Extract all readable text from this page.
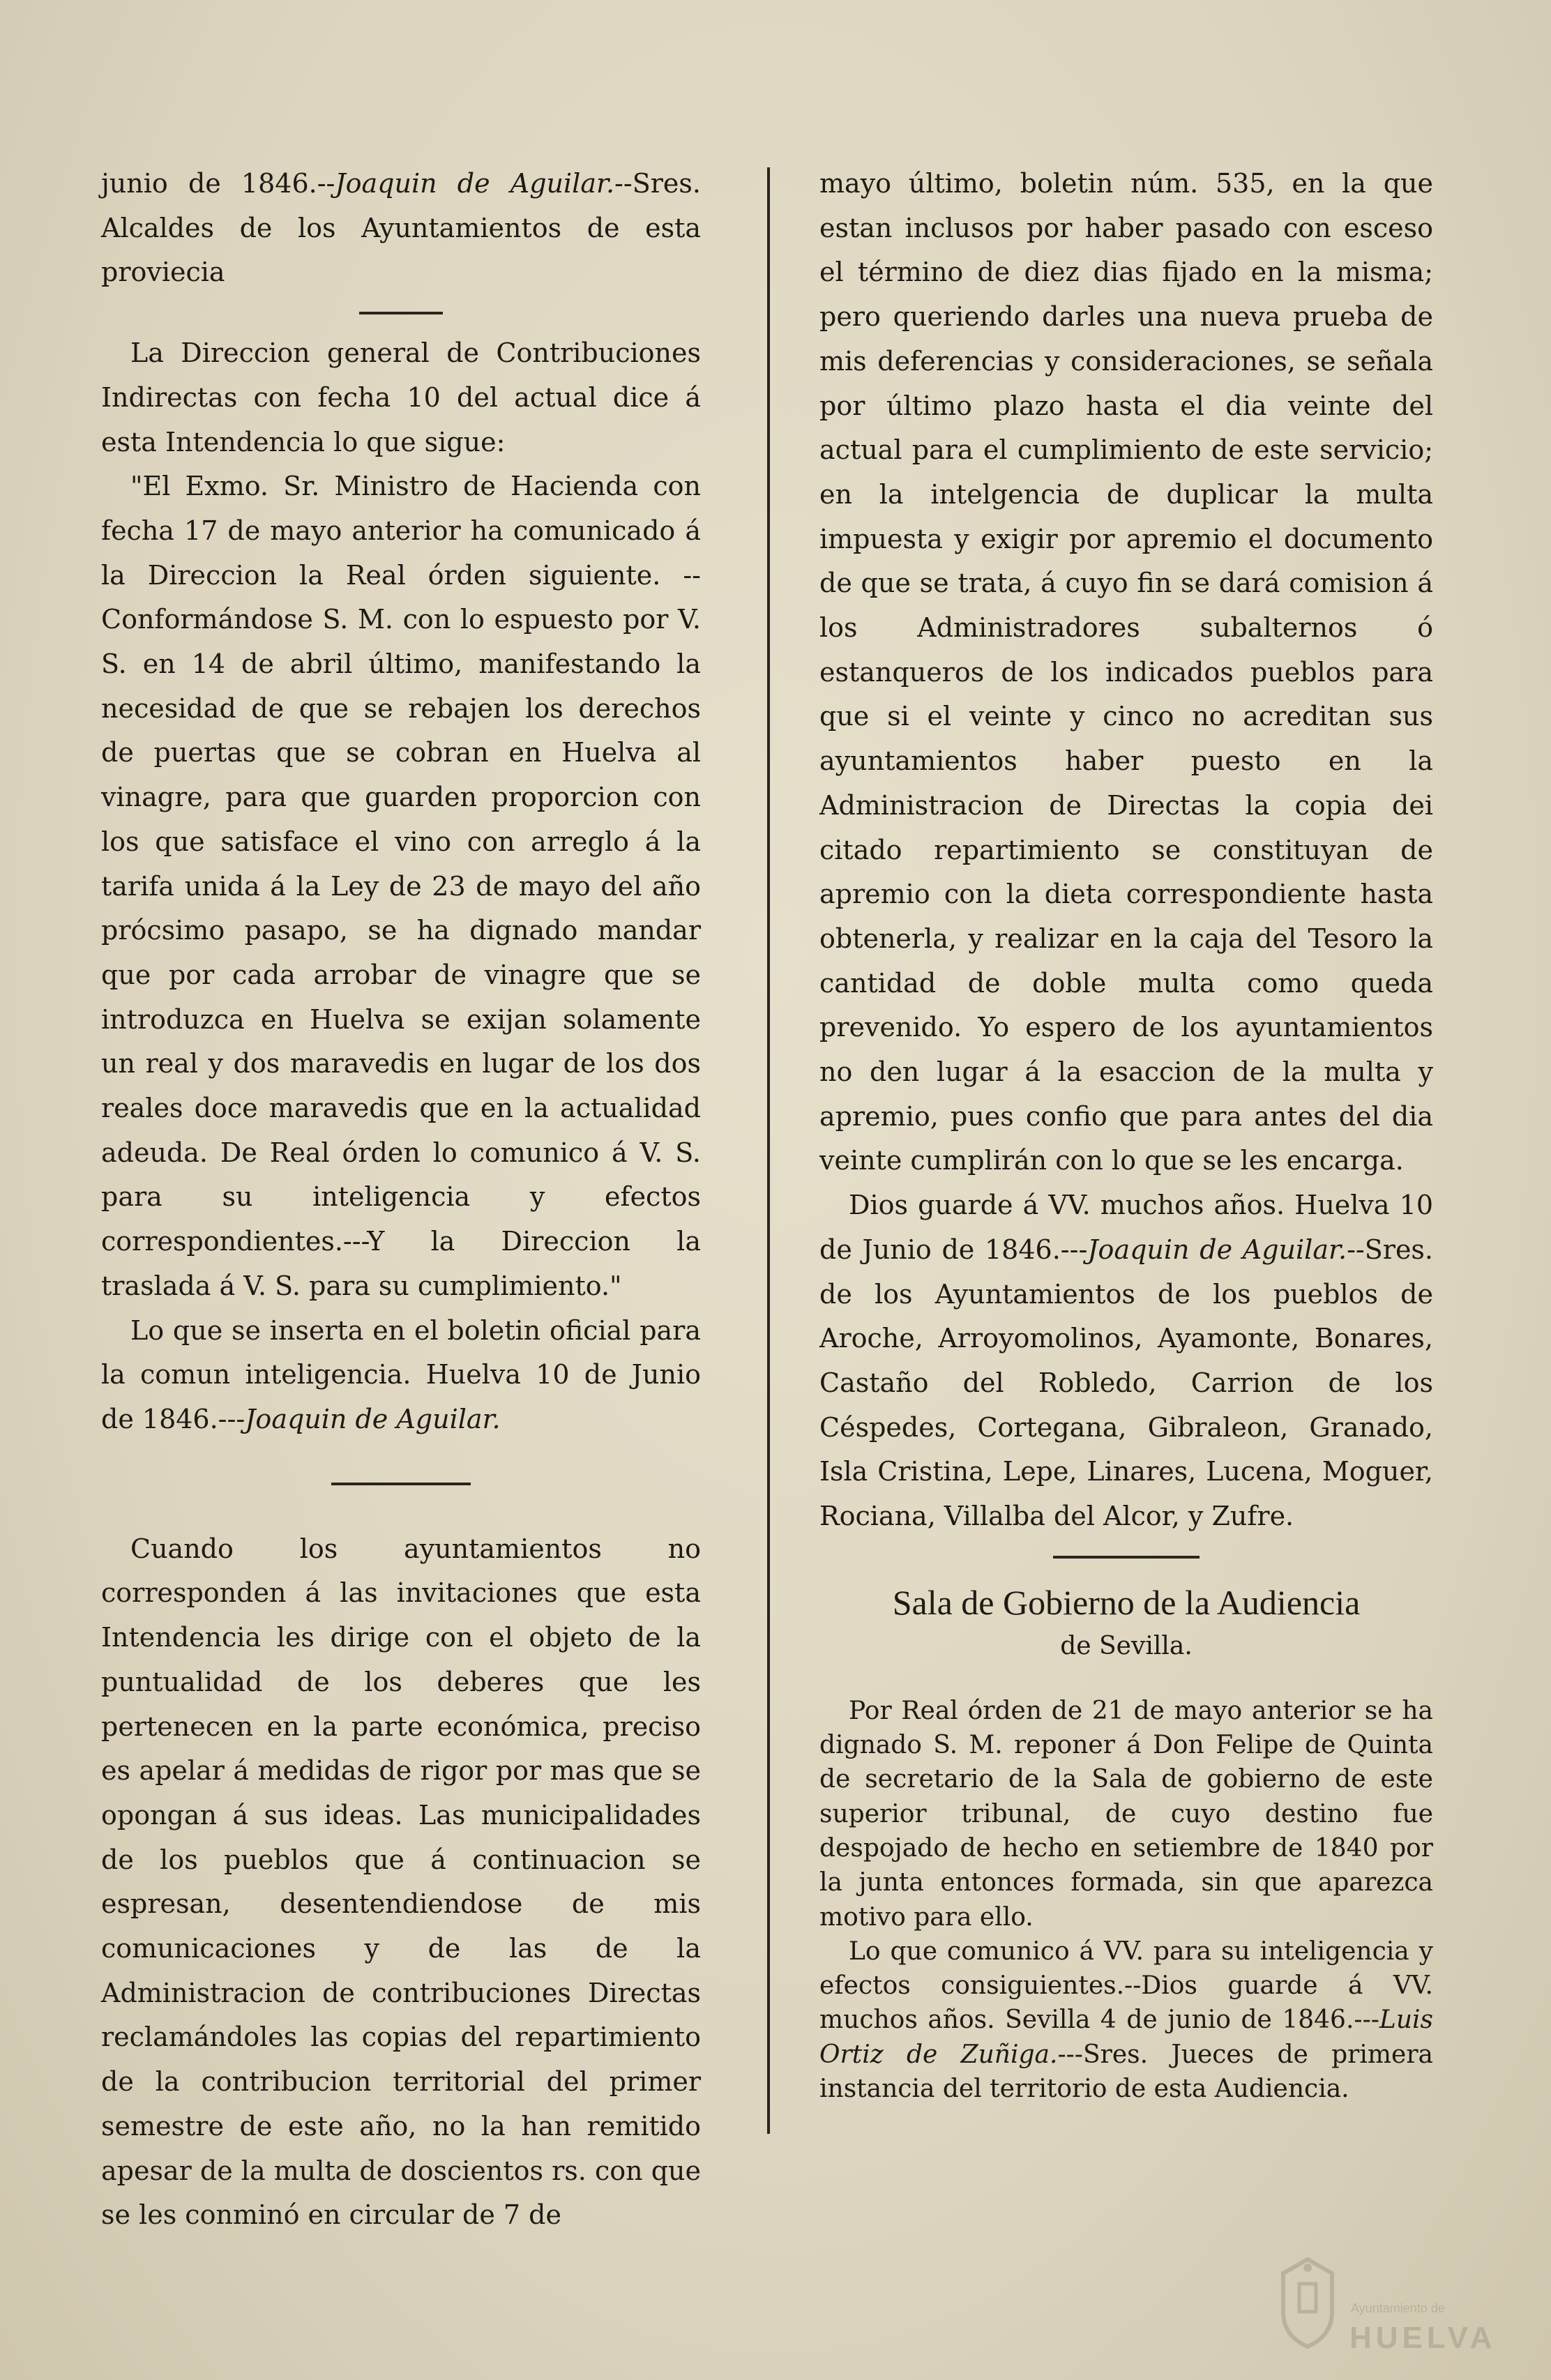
junio de 1846.--Joaquin de Aguilar.--Sres. Alcaldes de los Ayuntamientos de esta proviecia

La Direccion general de Contribuciones Indirectas con fecha 10 del actual dice á esta Intendencia lo que sigue:

"El Exmo. Sr. Ministro de Hacienda con fecha 17 de mayo anterior ha comunicado á la Direccion la Real órden siguiente. --Conformándose S. M. con lo espuesto por V. S. en 14 de abril último, manifestando la necesidad de que se rebajen los derechos de puertas que se cobran en Huelva al vinagre, para que guarden proporcion con los que satisface el vino con arreglo á la tarifa unida á la Ley de 23 de mayo del año prócsimo pasapo, se ha dignado mandar que por cada arrobar de vinagre que se introduzca en Huelva se exijan solamente un real y dos maravedis en lugar de los dos reales doce maravedis que en la actualidad adeuda. De Real órden lo comunico á V. S. para su inteligencia y efectos correspondientes.---Y la Direccion la traslada á V. S. para su cumplimiento."

Lo que se inserta en el boletin oficial para la comun inteligencia. Huelva 10 de Junio de 1846.---Joaquin de Aguilar.

Cuando los ayuntamientos no corresponden á las invitaciones que esta Intendencia les dirige con el objeto de la puntualidad de los deberes que les pertenecen en la parte económica, preciso es apelar á medidas de rigor por mas que se opongan á sus ideas. Las municipalidades de los pueblos que á continuacion se espresan, desentendiendose de mis comunicaciones y de las de la Administracion de contribuciones Directas reclamándoles las copias del repartimiento de la contribucion territorial del primer semestre de este año, no la han remitido apesar de la multa de doscientos rs. con que se les conminó en circular de 7 de

mayo último, boletin núm. 535, en la que estan inclusos por haber pasado con esceso el término de diez dias fijado en la misma; pero queriendo darles una nueva prueba de mis deferencias y consideraciones, se señala por último plazo hasta el dia veinte del actual para el cumplimiento de este servicio; en la intelgencia de duplicar la multa impuesta y exigir por apremio el documento de que se trata, á cuyo fin se dará comision á los Administradores subalternos ó estanqueros de los indicados pueblos para que si el veinte y cinco no acreditan sus ayuntamientos haber puesto en la Administracion de Directas la copia dei citado repartimiento se constituyan de apremio con la dieta correspondiente hasta obtenerla, y realizar en la caja del Tesoro la cantidad de doble multa como queda prevenido. Yo espero de los ayuntamientos no den lugar á la esaccion de la multa y apremio, pues confio que para antes del dia veinte cumplirán con lo que se les encarga.

Dios guarde á VV. muchos años. Huelva 10 de Junio de 1846.---Joaquin de Aguilar.--Sres. de los Ayuntamientos de los pueblos de Aroche, Arroyomolinos, Ayamonte, Bonares, Castaño del Robledo, Carrion de los Céspedes, Cortegana, Gibraleon, Granado, Isla Cristina, Lepe, Linares, Lucena, Moguer, Rociana, Villalba del Alcor, y Zufre.

Sala de Gobierno de la Audiencia
de Sevilla.

Por Real órden de 21 de mayo anterior se ha dignado S. M. reponer á Don Felipe de Quinta de secretario de la Sala de gobierno de este superior tribunal, de cuyo destino fue despojado de hecho en setiembre de 1840 por la junta entonces formada, sin que aparezca motivo para ello.

Lo que comunico á VV. para su inteligencia y efectos consiguientes.--Dios guarde á VV. muchos años. Sevilla 4 de junio de 1846.---Luis Ortiz de Zuñiga.---Sres. Jueces de primera instancia del territorio de esta Audiencia.

Ayuntamiento de
HUELVA
